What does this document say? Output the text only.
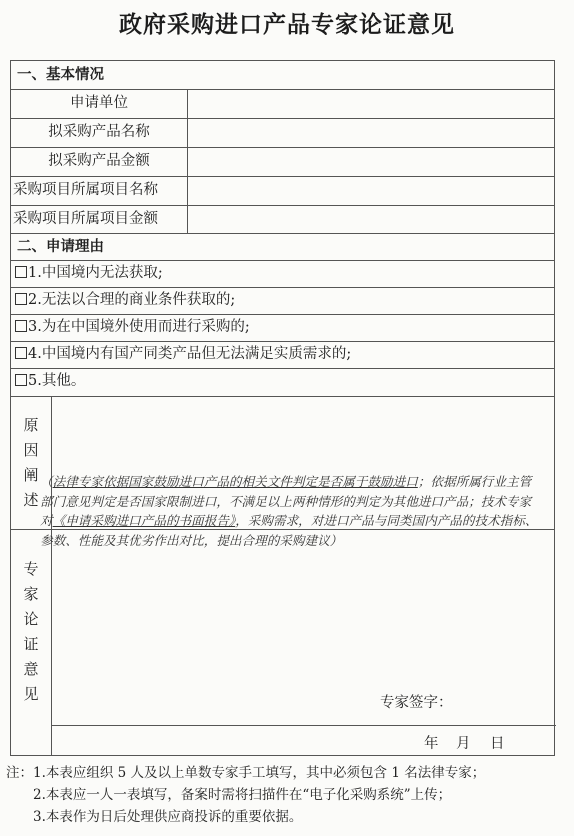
政府采购进口产品专家论证意见
一、基本情况
申请单位
拟采购产品名称
拟采购产品金额
采购项目所属项目名称
采购项目所属项目金额
二、申请理由
1.中国境内无法获取;
2.无法以合理的商业条件获取的;
3.为在中国境外使用而进行采购的;
4.中国境内有国产同类产品但无法满足实质需求的;
5.其他。
原因阐述
专家论证意见
（法律专家依据国家鼓励进口产品的相关文件判定是否属于鼓励进口；依据所属行业主管部门意见判定是否国家限制进口，不满足以上两种情形的判定为其他进口产品；技术专家对《申请采购进口产品的书面报告》，采购需求，对进口产品与同类国内产品的技术指标、参数、性能及其优劣作出对比，提出合理的采购建议）
专家签字：
年 月 日
注：1.本表应组织 5 人及以上单数专家手工填写，其中必须包含 1 名法律专家；
2.本表应一人一表填写，备案时需将扫描件在“电子化采购系统”上传；
3.本表作为日后处理供应商投诉的重要依据。
